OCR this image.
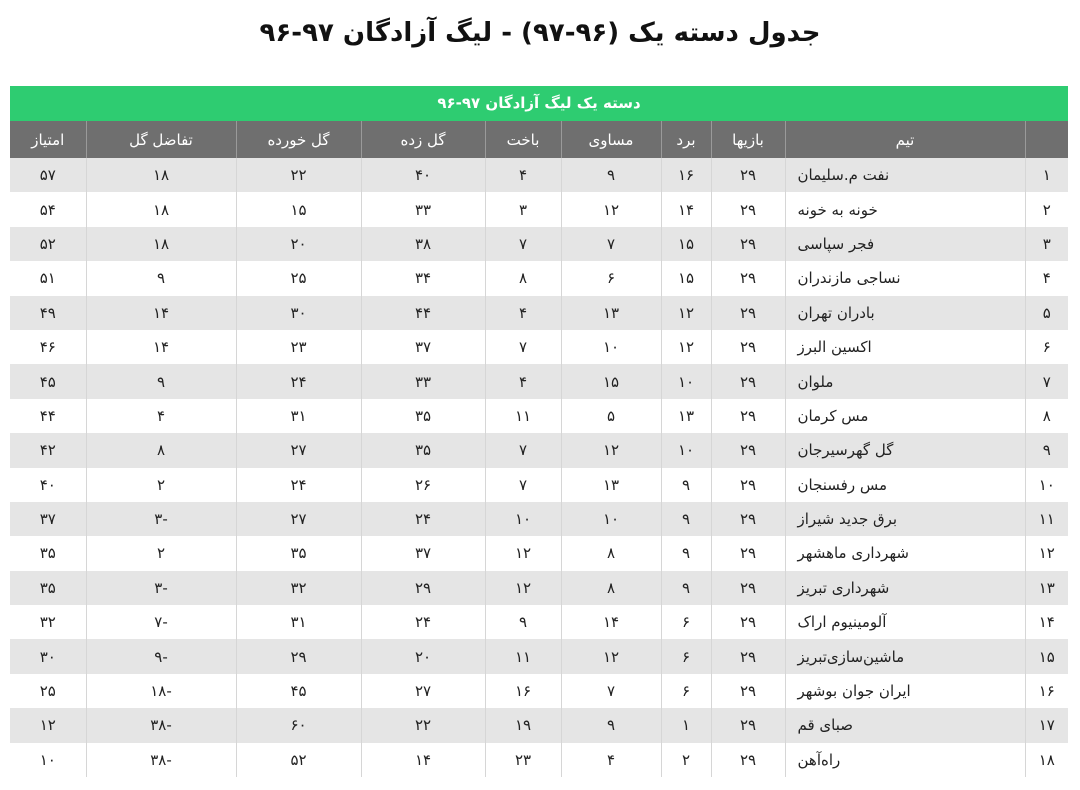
جدول دسته یک (۹۶-۹۷) - لیگ آزادگان ۹۷-۹۶
دسته یک لیگ آزادگان ۹۷-۹۶
	تیم	بازیها	برد	مساوی	باخت	گل زده	گل خورده	تفاضل گل	امتیاز
۱	نفت م.سلیمان	۲۹	۱۶	۹	۴	۴۰	۲۲	۱۸	۵۷
۲	خونه به خونه	۲۹	۱۴	۱۲	۳	۳۳	۱۵	۱۸	۵۴
۳	فجر سپاسی	۲۹	۱۵	۷	۷	۳۸	۲۰	۱۸	۵۲
۴	نساجی مازندران	۲۹	۱۵	۶	۸	۳۴	۲۵	۹	۵۱
۵	بادران تهران	۲۹	۱۲	۱۳	۴	۴۴	۳۰	۱۴	۴۹
۶	اکسین البرز	۲۹	۱۲	۱۰	۷	۳۷	۲۳	۱۴	۴۶
۷	ملوان	۲۹	۱۰	۱۵	۴	۳۳	۲۴	۹	۴۵
۸	مس کرمان	۲۹	۱۳	۵	۱۱	۳۵	۳۱	۴	۴۴
۹	گل گهرسیرجان	۲۹	۱۰	۱۲	۷	۳۵	۲۷	۸	۴۲
۱۰	مس رفسنجان	۲۹	۹	۱۳	۷	۲۶	۲۴	۲	۴۰
۱۱	برق جدید شیراز	۲۹	۹	۱۰	۱۰	۲۴	۲۷	-۳	۳۷
۱۲	شهرداری ماهشهر	۲۹	۹	۸	۱۲	۳۷	۳۵	۲	۳۵
۱۳	شهرداری تبریز	۲۹	۹	۸	۱۲	۲۹	۳۲	-۳	۳۵
۱۴	آلومینیوم اراک	۲۹	۶	۱۴	۹	۲۴	۳۱	-۷	۳۲
۱۵	ماشین‌سازی‌تبریز	۲۹	۶	۱۲	۱۱	۲۰	۲۹	-۹	۳۰
۱۶	ایران جوان بوشهر	۲۹	۶	۷	۱۶	۲۷	۴۵	-۱۸	۲۵
۱۷	صبای قم	۲۹	۱	۹	۱۹	۲۲	۶۰	-۳۸	۱۲
۱۸	راه‌آهن	۲۹	۲	۴	۲۳	۱۴	۵۲	-۳۸	۱۰
